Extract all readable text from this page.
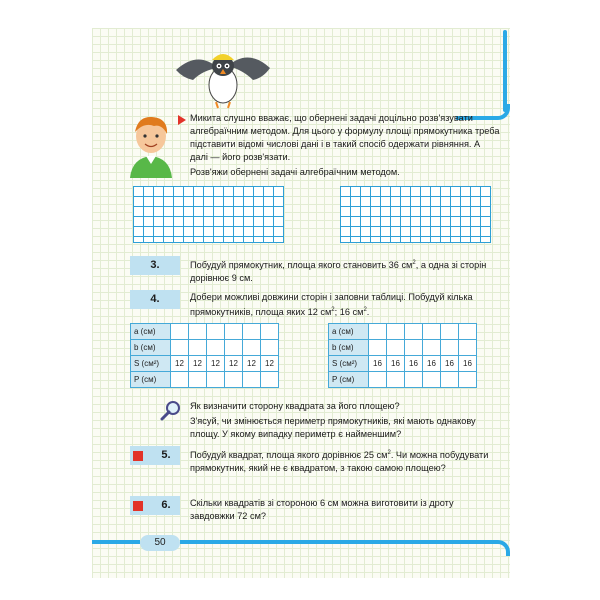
Микита слушно вважає, що обернені задачі доцільно розв'язувати алгебраїчним методом. Для цього у формулу площі прямокутника треба підставити відомі числові дані і в такий спосіб одержати рівняння. А далі — його розв'язати.
Розв'яжи обернені задачі алгебраїчним методом.
3.	Побудуй прямокутник, площа якого становить 36 $см^2$, а одна зі сторін дорівнює 9 см.
4.	Добери можливі довжини сторін і заповни таблиці. Побудуй кілька прямокутників, площа яких 12 $см^2$; 16 $см^2$.
a (см)						
b (см)						
S (см²)	12	12	12	12	12	12
P (см)						
a (см)						
b (см)						
S (см²)	16	16	16	16	16	16
P (см)						
Як визначити сторону квадрата за його площею?
З'ясуй, чи змінюється периметр прямокутників, які мають однакову площу. У якому випадку периметр є найменшим?
5.	Побудуй квадрат, площа якого дорівнює 25 $см^2$. Чи можна побудувати прямокутник, який не є квадратом, з такою самою площею?
6.	Скільки квадратів зі стороною 6 см можна виготовити із дроту завдовжки 72 см?
50
